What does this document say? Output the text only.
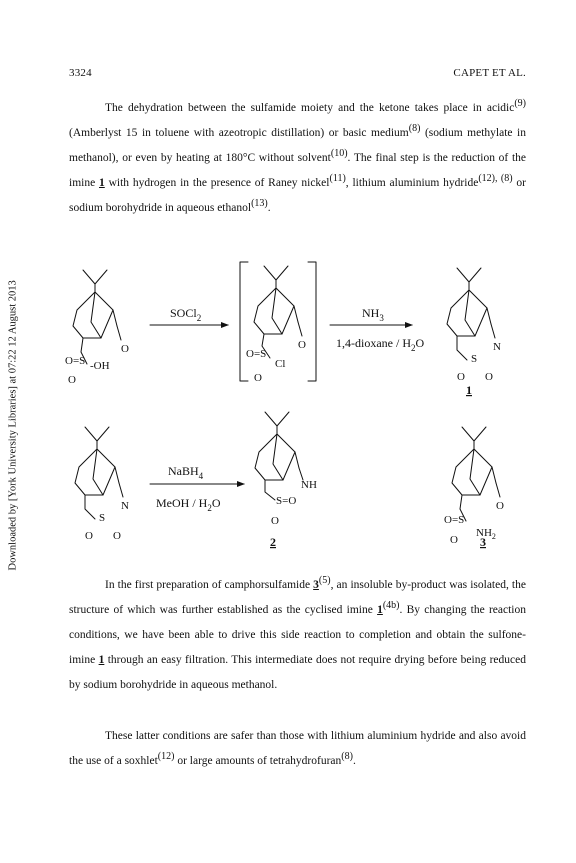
3324	CAPET ET AL.
Downloaded by [York University Libraries] at 07:22 12 August 2013

The dehydration between the sulfamide moiety and the ketone takes place in acidic(9) (Amberlyst 15 in toluene with azeotropic distillation) or basic medium(8) (sodium methylate in methanol), or even by heating at 180°C without solvent(10). The final step is the reduction of the imine 1 with hydrogen in the presence of Raney nickel(11), lithium aluminium hydride(12), (8) or sodium borohydride in aqueous ethanol(13).

O
O=S -OH
O
SOCl$_2$
O
O=S
Cl
O
$NH_3$
1,4-dioxane / $H_2O$	N
S
O O
1
N
S
O O
NaBH$_4$
MeOH / $H_2O$
NH
S=O
O
2
O
O=S
$NH_2$
O 3

In the first preparation of camphorsulfamide 3(5), an insoluble by-product was isolated, the structure of which was further established as the cyclised imine 1(4b). By changing the reaction conditions, we have been able to drive this side reaction to completion and obtain the sulfone-imine 1 through an easy filtration. This intermediate does not require drying before being reduced by sodium borohydride in aqueous methanol.

These latter conditions are safer than those with lithium aluminium hydride and also avoid the use of a soxhlet(12) or large amounts of tetrahydrofuran(8).
